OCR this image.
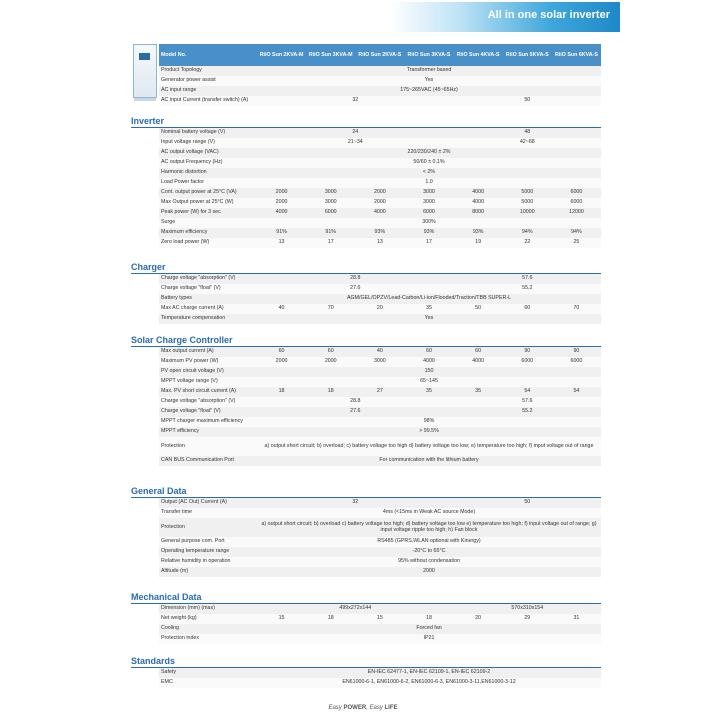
All in one solar inverter
Model No.	RiiO Sun 2KVA-M	RiiO Sun 3KVA-M	RiiO Sun 2KVA-S	RiiO Sun 3KVA-S	RiiO Sun 4KVA-S	RiiO Sun 5KVA-S	RiiO Sun 6KVA-S
Product Topology	Transformer based						
Generator power assist	Yes						
AC input range	175~265VAC (45~65Hz)						
AC input Current (transfer switch) (A)	32				50		
Inverter
Nominal battery voltage (V)	24				48		
Input voltage range (V)	21~34				42~68		
AC output voltage (VAC)	220/230/240 ± 2%						
AC output Frequency (Hz)	50/60 ± 0.1%						
Harmonic distortion	< 2%						
Load Power factor	1.0						
Cont. output power at 25°C (VA)	2000	3000	2000	3000	4000	5000	6000
Max Output power at 25°C (W)	2000	3000	2000	3000	4000	5000	6000
Peak power (W) for 3 sec	4000	6000	4000	6000	8000	10000	12000
Surge	300%						
Maximum efficiency	91%	91%	93%	93%	93%	94%	94%
Zero load power (W)	13	17	13	17	19	22	25
Charger
Charge voltage "absorption" (V)	28.8				57.6		
Charge voltage "float" (V)	27.6				55.2		
Battery types	AGM/GEL/OPZV/Lead-Carbon/Li-ion/Flooded/Traction/TBB SUPER-L						
Max AC charge current (A)	40	70	20	35	50	60	70
Temperature compensation	Yes						
Solar Charge Controller
Max output current (A)	60	60	40	60	60	90	90
Maximum PV power (W)	2000	2000	3000	4000	4000	6000	6000
PV open circuit voltage (V)	150						
MPPT voltage range (V)	65~145						
Max. PV short circuit current (A)	18	18	27	35	35	54	54
Charge voltage "absorption" (V)	28.8				57.6		
Charge voltage "float" (V)	27.6				55.2		
MPPT charger maximum efficiency	98%						
MPPT efficiency	> 99.5%						
Protection	a) output short circuit; b) overload; c) battery voltage too high d) battery voltage too low; e) temperature too high; f) input voltage out of range						
CAN BUS Communication Port	For communication with the lithium battery						
General Data
Output (AC Out) Current (A)	32	50
Transfer time	4ms (<15ms in Weak AC source Mode)	
Protection	a) output short circuit; b) overload c) battery voltage too high; d) battery voltage too low e) temperature too high; f) input voltage out of range; g) input voltage ripple too high; h) Fan block	
General purpose com. Port	RS485 (GPRS,WLAN optional with Kinergy)	
Operating temperature range	-20°C to 65°C	
Relative humidity in operation	95% without condensation	
Altitude (m)	2000	
Mechanical Data
Dimension (mm) (max)	499x272x144				570x310x154		
Net weight (kg)	15	18	15	18	20	29	31
Cooling	Forced fan						
Protection index	IP21						
Standards
Safety	EN-IEC 62477-1, EN-IEC 62109-1, EN-IEC 62109-2
EMC	EN61000-6-1, EN61000-6-2, EN61000-6-3, EN61000-3-11,EN61000-3-12
Easy POWER, Easy LIFE
